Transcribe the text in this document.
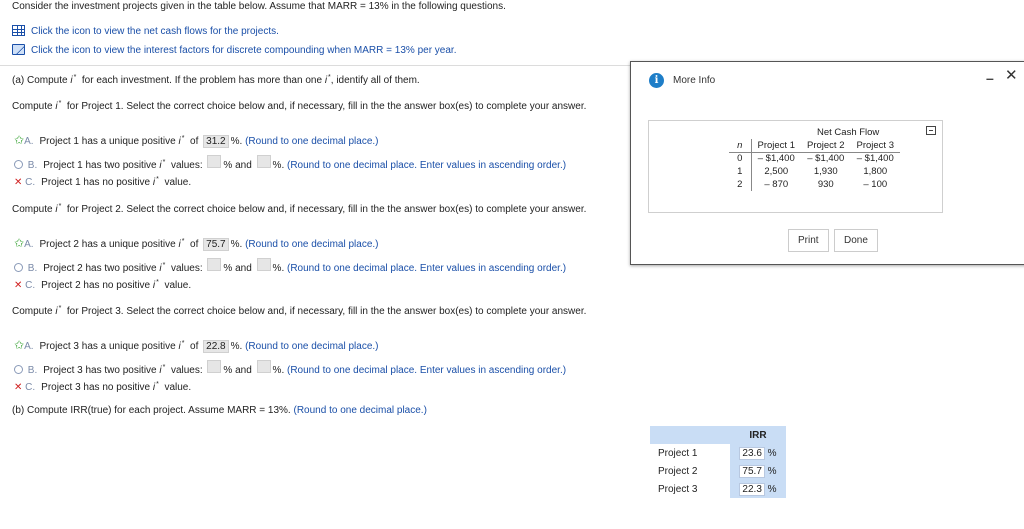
Consider the investment projects given in the table below. Assume that MARR = 13% in the following questions.
Click the icon to view the net cash flows for the projects.
Click the icon to view the interest factors for discrete compounding when MARR = 13% per year.
(a) Compute i* for each investment. If the problem has more than one i*, identify all of them.
Compute i* for Project 1. Select the correct choice below and, if necessary, fill in the the answer box(es) to complete your answer.
✩A. Project 1 has a unique positive i* of 31.2 %. (Round to one decimal place.)
B. Project 1 has two positive i* values: % and %. (Round to one decimal place. Enter values in ascending order.)
✕ C. Project 1 has no positive i* value.
Compute i* for Project 2. Select the correct choice below and, if necessary, fill in the the answer box(es) to complete your answer.
✩A. Project 2 has a unique positive i* of 75.7 %. (Round to one decimal place.)
B. Project 2 has two positive i* values: % and %. (Round to one decimal place. Enter values in ascending order.)
✕ C. Project 2 has no positive i* value.
Compute i* for Project 3. Select the correct choice below and, if necessary, fill in the the answer box(es) to complete your answer.
✩A. Project 3 has a unique positive i* of 22.8 %. (Round to one decimal place.)
B. Project 3 has two positive i* values: % and %. (Round to one decimal place. Enter values in ascending order.)
✕ C. Project 3 has no positive i* value.
(b) Compute IRR(true) for each project. Assume MARR = 13%. (Round to one decimal place.)
	IRR
Project 1	23.6 %
Project 2	75.7 %
Project 3	22.3 %
i	More Info	– ✕
Net Cash Flow
n	Project 1	Project 2	Project 3
0	– $1,400	– $1,400	– $1,400
1	2,500	1,930	1,800
2	– 870	930	– 100
Print	Done
